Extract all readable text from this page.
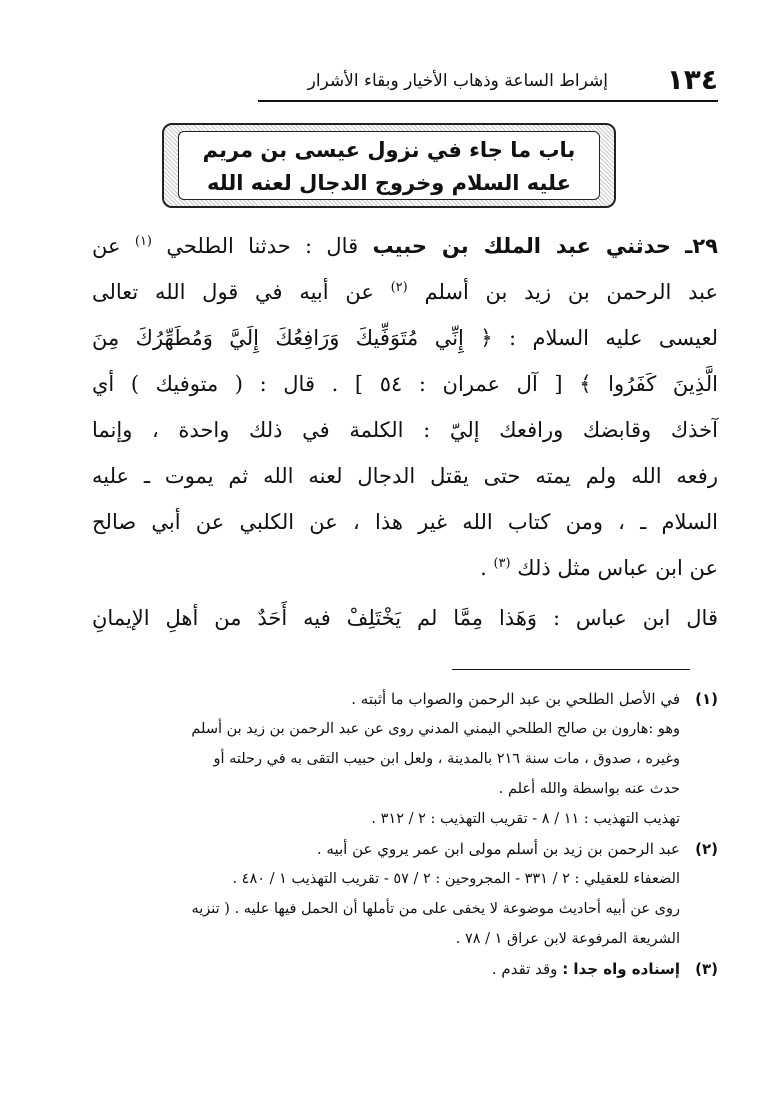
١٣٤
إشراط الساعة وذهاب الأخيار وبقاء الأشرار
باب ما جاء في نزول عيسى بن مريم
عليه السلام وخروج الدجال لعنه الله
٢٩ـ حدثني عبد الملك بن حبيب قال : حدثنا الطلحي $^{(١)}$ عن
عبد الرحمن بن زيد بن أسلم $^{(٢)}$ عن أبيه في قول الله تعالى
لعيسى عليه السلام : ﴿ إِنِّي مُتَوَفِّيكَ وَرَافِعُكَ إِلَيَّ وَمُطَهِّرُكَ مِنَ
الَّذِينَ كَفَرُوا ﴾ [ آل عمران : ٥٤ ] . قال : ( متوفيك ) أي
آخذك وقابضك ورافعك إليّ : الكلمة في ذلك واحدة ، وإنما
رفعه الله ولم يمته حتى يقتل الدجال لعنه الله ثم يموت ـ عليه
السلام ـ ، ومن كتاب الله غير هذا ، عن الكلبي عن أبي صالح
عن ابن عباس مثل ذلك $^{(٣)}$ .
قال ابن عباس : وَهَذا مِمَّا لم يَخْتَلِفْ فيه أَحَدٌ من أهلِ الإيمانِ
(١)
في الأصل الطلحي بن عبد الرحمن والصواب ما أثبته .
وهو :هارون بن صالح الطلحي اليمني المدني روى عن عبد الرحمن بن زيد بن أسلم
وغيره ، صدوق ، مات سنة ٢١٦ بالمدينة ، ولعل ابن حبيب التقى به في رحلته أو
حدث عنه بواسطة والله أعلم .
تهذيب التهذيب : ١١ / ٨ - تقريب التهذيب : ٢ / ٣١٢ .
(٢)
عبد الرحمن بن زيد بن أسلم مولى ابن عمر يروي عن أبيه .
الضعفاء للعقيلي : ٢ / ٣٣١ - المجروحين : ٢ / ٥٧ - تقريب التهذيب ١ / ٤٨٠ .
روى عن أبيه أحاديث موضوعة لا يخفى على من تأملها أن الحمل فيها عليه . ( تنزيه
الشريعة المرفوعة لابن عراق ١ / ٧٨ .
(٣)
إسناده واه جدا : وقد تقدم .
